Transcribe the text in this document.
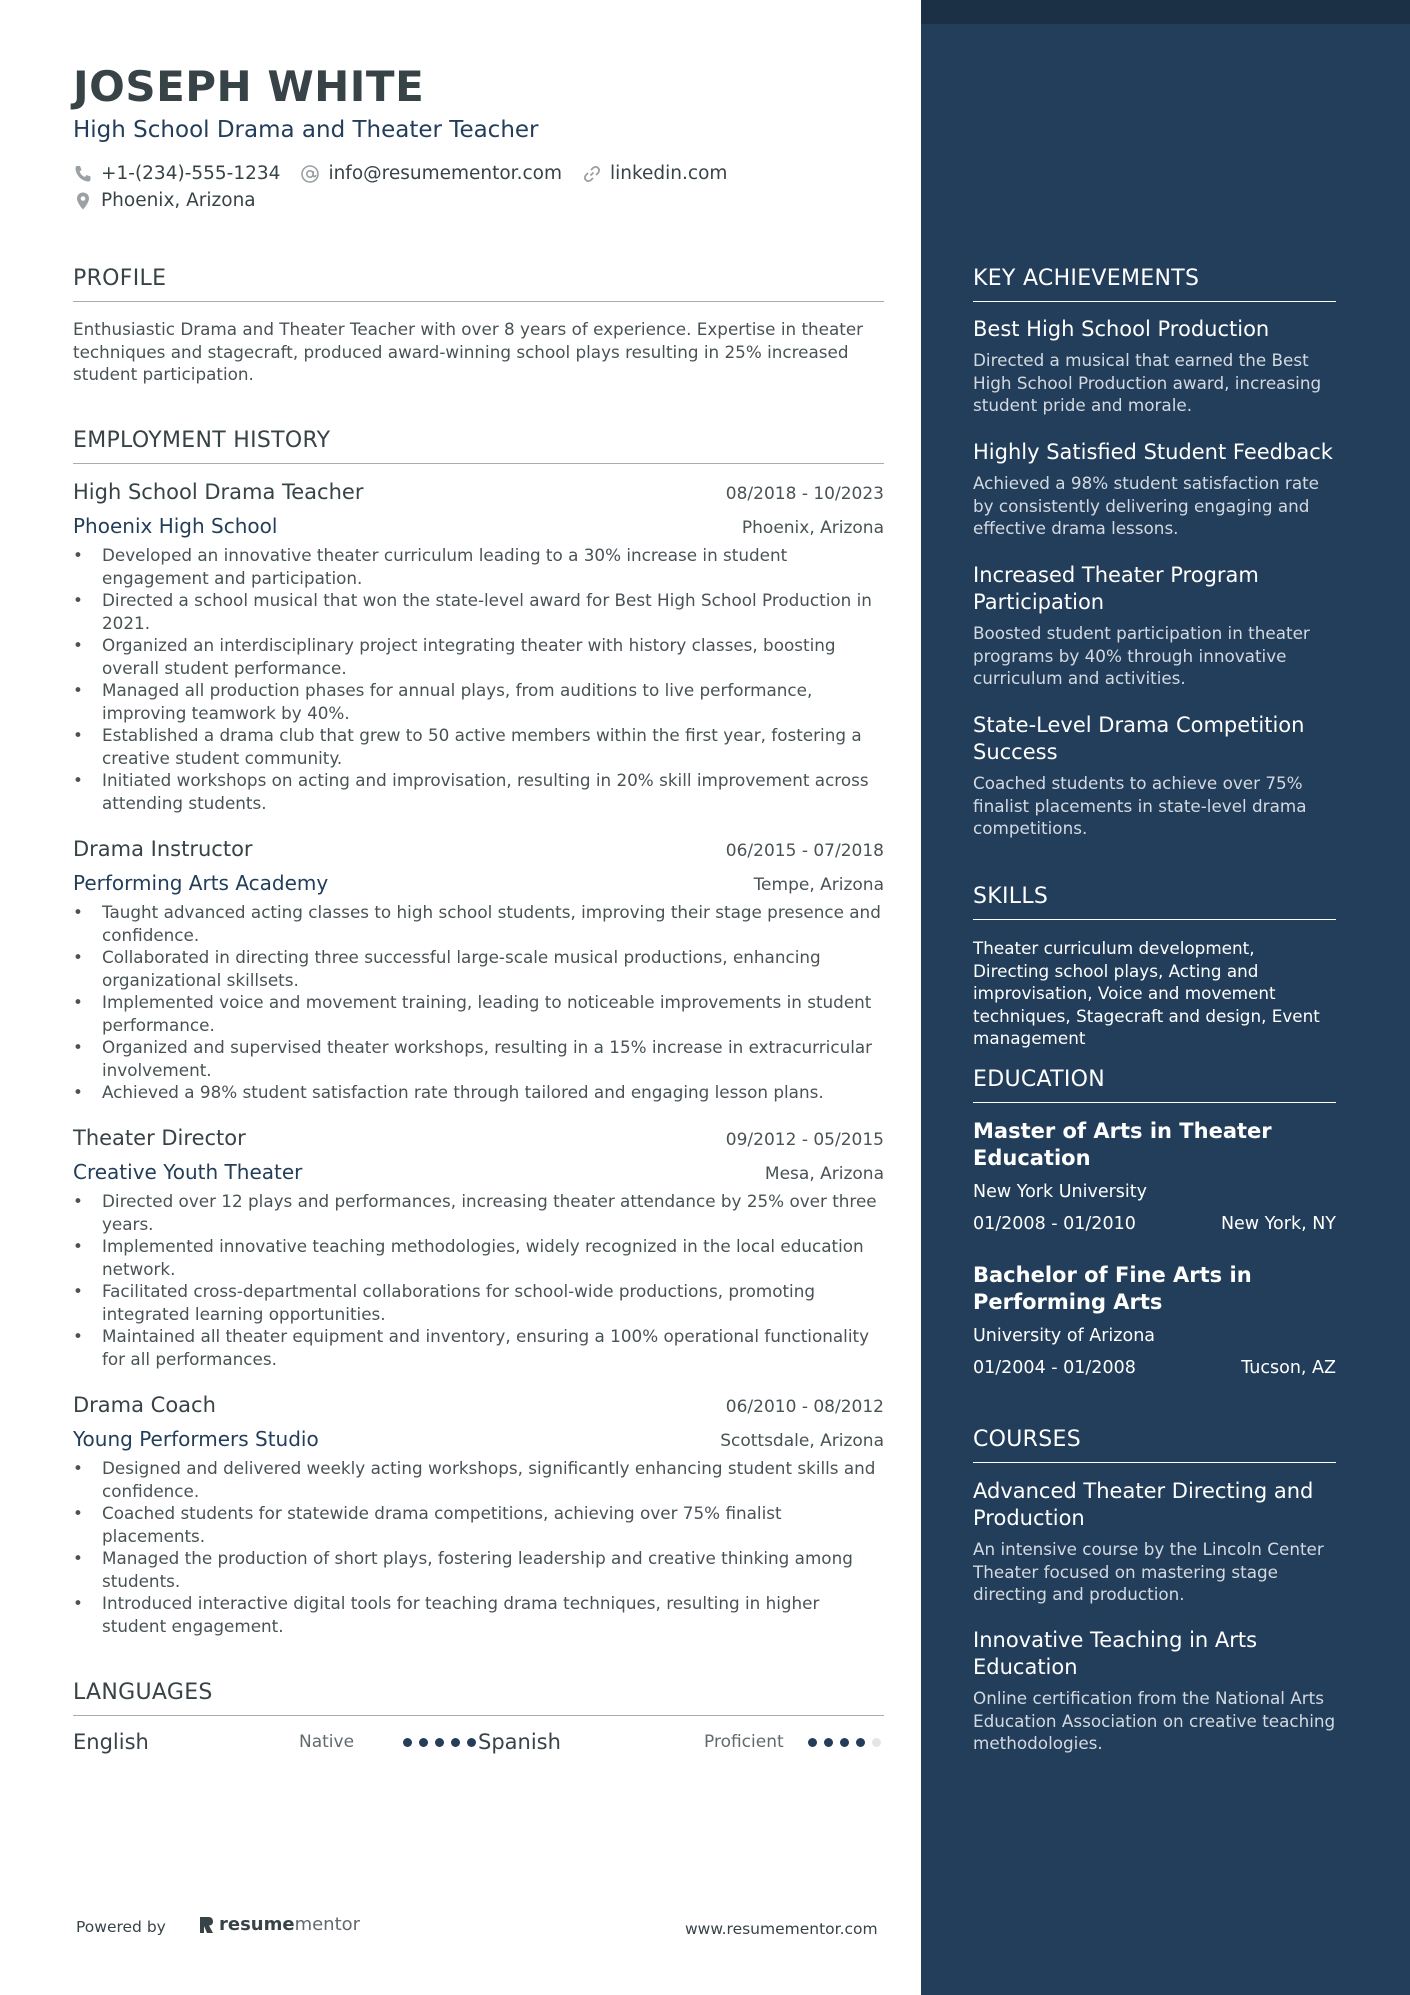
JOSEPH WHITE
High School Drama and Theater Teacher
+1-(234)-555-1234	info@resumementor.com	linkedin.com
Phoenix, Arizona
PROFILE
Enthusiastic Drama and Theater Teacher with over 8 years of experience. Expertise in theater techniques and stagecraft, produced award-winning school plays resulting in 25% increased student participation.
EMPLOYMENT HISTORY
High School Drama Teacher	08/2018 - 10/2023
Phoenix High School	Phoenix, Arizona
• Developed an innovative theater curriculum leading to a 30% increase in student engagement and participation.
• Directed a school musical that won the state-level award for Best High School Production in 2021.
• Organized an interdisciplinary project integrating theater with history classes, boosting overall student performance.
• Managed all production phases for annual plays, from auditions to live performance, improving teamwork by 40%.
• Established a drama club that grew to 50 active members within the first year, fostering a creative student community.
• Initiated workshops on acting and improvisation, resulting in 20% skill improvement across attending students.
Drama Instructor	06/2015 - 07/2018
Performing Arts Academy	Tempe, Arizona
• Taught advanced acting classes to high school students, improving their stage presence and confidence.
• Collaborated in directing three successful large-scale musical productions, enhancing organizational skillsets.
• Implemented voice and movement training, leading to noticeable improvements in student performance.
• Organized and supervised theater workshops, resulting in a 15% increase in extracurricular involvement.
• Achieved a 98% student satisfaction rate through tailored and engaging lesson plans.
Theater Director	09/2012 - 05/2015
Creative Youth Theater	Mesa, Arizona
• Directed over 12 plays and performances, increasing theater attendance by 25% over three years.
• Implemented innovative teaching methodologies, widely recognized in the local education network.
• Facilitated cross-departmental collaborations for school-wide productions, promoting integrated learning opportunities.
• Maintained all theater equipment and inventory, ensuring a 100% operational functionality for all performances.
Drama Coach	06/2010 - 08/2012
Young Performers Studio	Scottsdale, Arizona
• Designed and delivered weekly acting workshops, significantly enhancing student skills and confidence.
• Coached students for statewide drama competitions, achieving over 75% finalist placements.
• Managed the production of short plays, fostering leadership and creative thinking among students.
• Introduced interactive digital tools for teaching drama techniques, resulting in higher student engagement.
LANGUAGES
English	Native	Spanish	Proficient
Powered by	resume mentor	www.resumementor.com
KEY ACHIEVEMENTS
Best High School Production
Directed a musical that earned the Best High School Production award, increasing student pride and morale.
Highly Satisfied Student Feedback
Achieved a 98% student satisfaction rate by consistently delivering engaging and effective drama lessons.
Increased Theater Program Participation
Boosted student participation in theater programs by 40% through innovative curriculum and activities.
State-Level Drama Competition Success
Coached students to achieve over 75% finalist placements in state-level drama competitions.
SKILLS
Theater curriculum development, Directing school plays, Acting and improvisation, Voice and movement techniques, Stagecraft and design, Event management
EDUCATION
Master of Arts in Theater Education
New York University
01/2008 - 01/2010	New York, NY
Bachelor of Fine Arts in Performing Arts
University of Arizona
01/2004 - 01/2008	Tucson, AZ
COURSES
Advanced Theater Directing and Production
An intensive course by the Lincoln Center Theater focused on mastering stage directing and production.
Innovative Teaching in Arts Education
Online certification from the National Arts Education Association on creative teaching methodologies.
